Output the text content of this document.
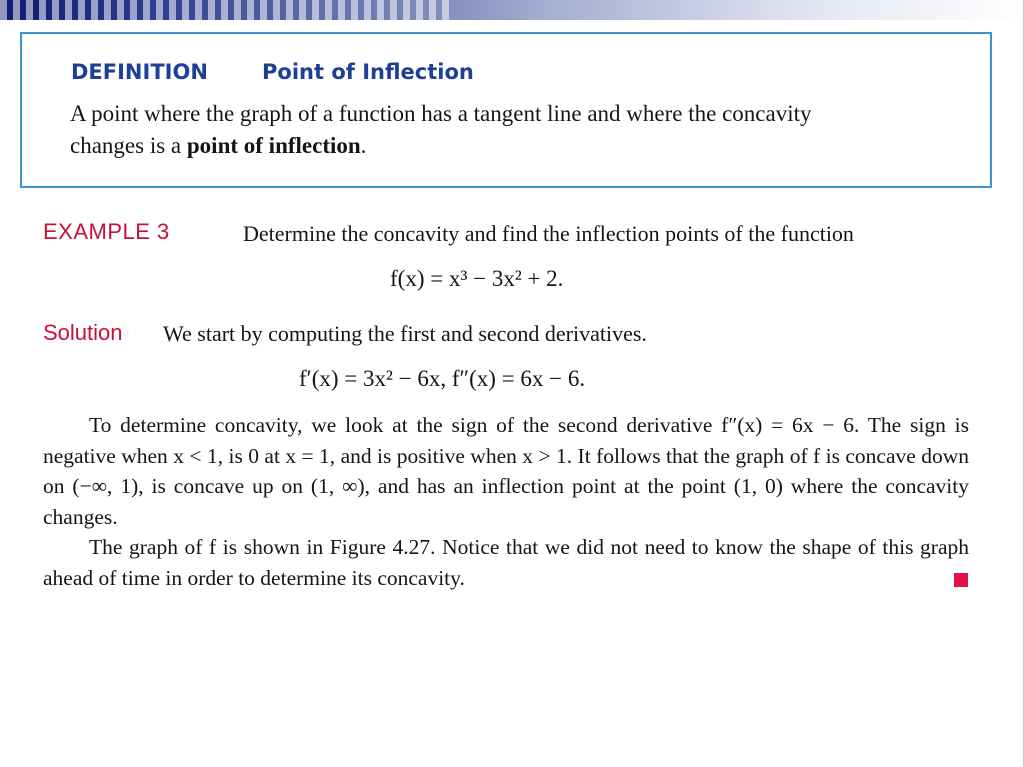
DEFINITION	Point of Inflection
A point where the graph of a function has a tangent line and where the concavity
changes is a point of inflection.
EXAMPLE 3	Determine the concavity and find the inflection points of the function
f(x) = x³ − 3x² + 2.
Solution We start by computing the first and second derivatives.
f′(x) = 3x² − 6x, f″(x) = 6x − 6.

To determine concavity, we look at the sign of the second derivative f″(x) = 6x − 6. The sign is negative when x < 1, is 0 at x = 1, and is positive when x > 1. It follows that the graph of f is concave down on (−∞, 1), is concave up on (1, ∞), and has an inflection point at the point (1, 0) where the concavity changes.

The graph of f is shown in Figure 4.27. Notice that we did not need to know the shape of this graph ahead of time in order to determine its concavity.
